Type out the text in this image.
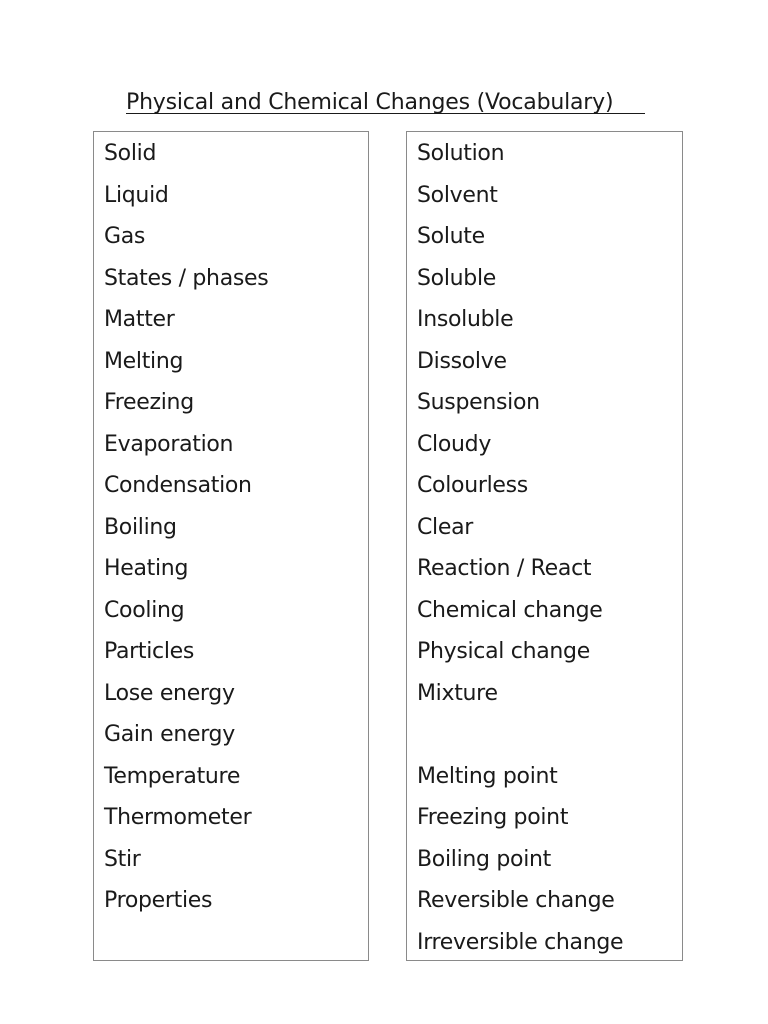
Physical and Chemical Changes (Vocabulary)
Solid
Liquid
Gas
States / phases
Matter
Melting
Freezing
Evaporation
Condensation
Boiling
Heating
Cooling
Particles
Lose energy
Gain energy
Temperature
Thermometer
Stir
Properties
Solution
Solvent
Solute
Soluble
Insoluble
Dissolve
Suspension
Cloudy
Colourless
Clear
Reaction / React
Chemical change
Physical change
Mixture
Melting point
Freezing point
Boiling point
Reversible change
Irreversible change
